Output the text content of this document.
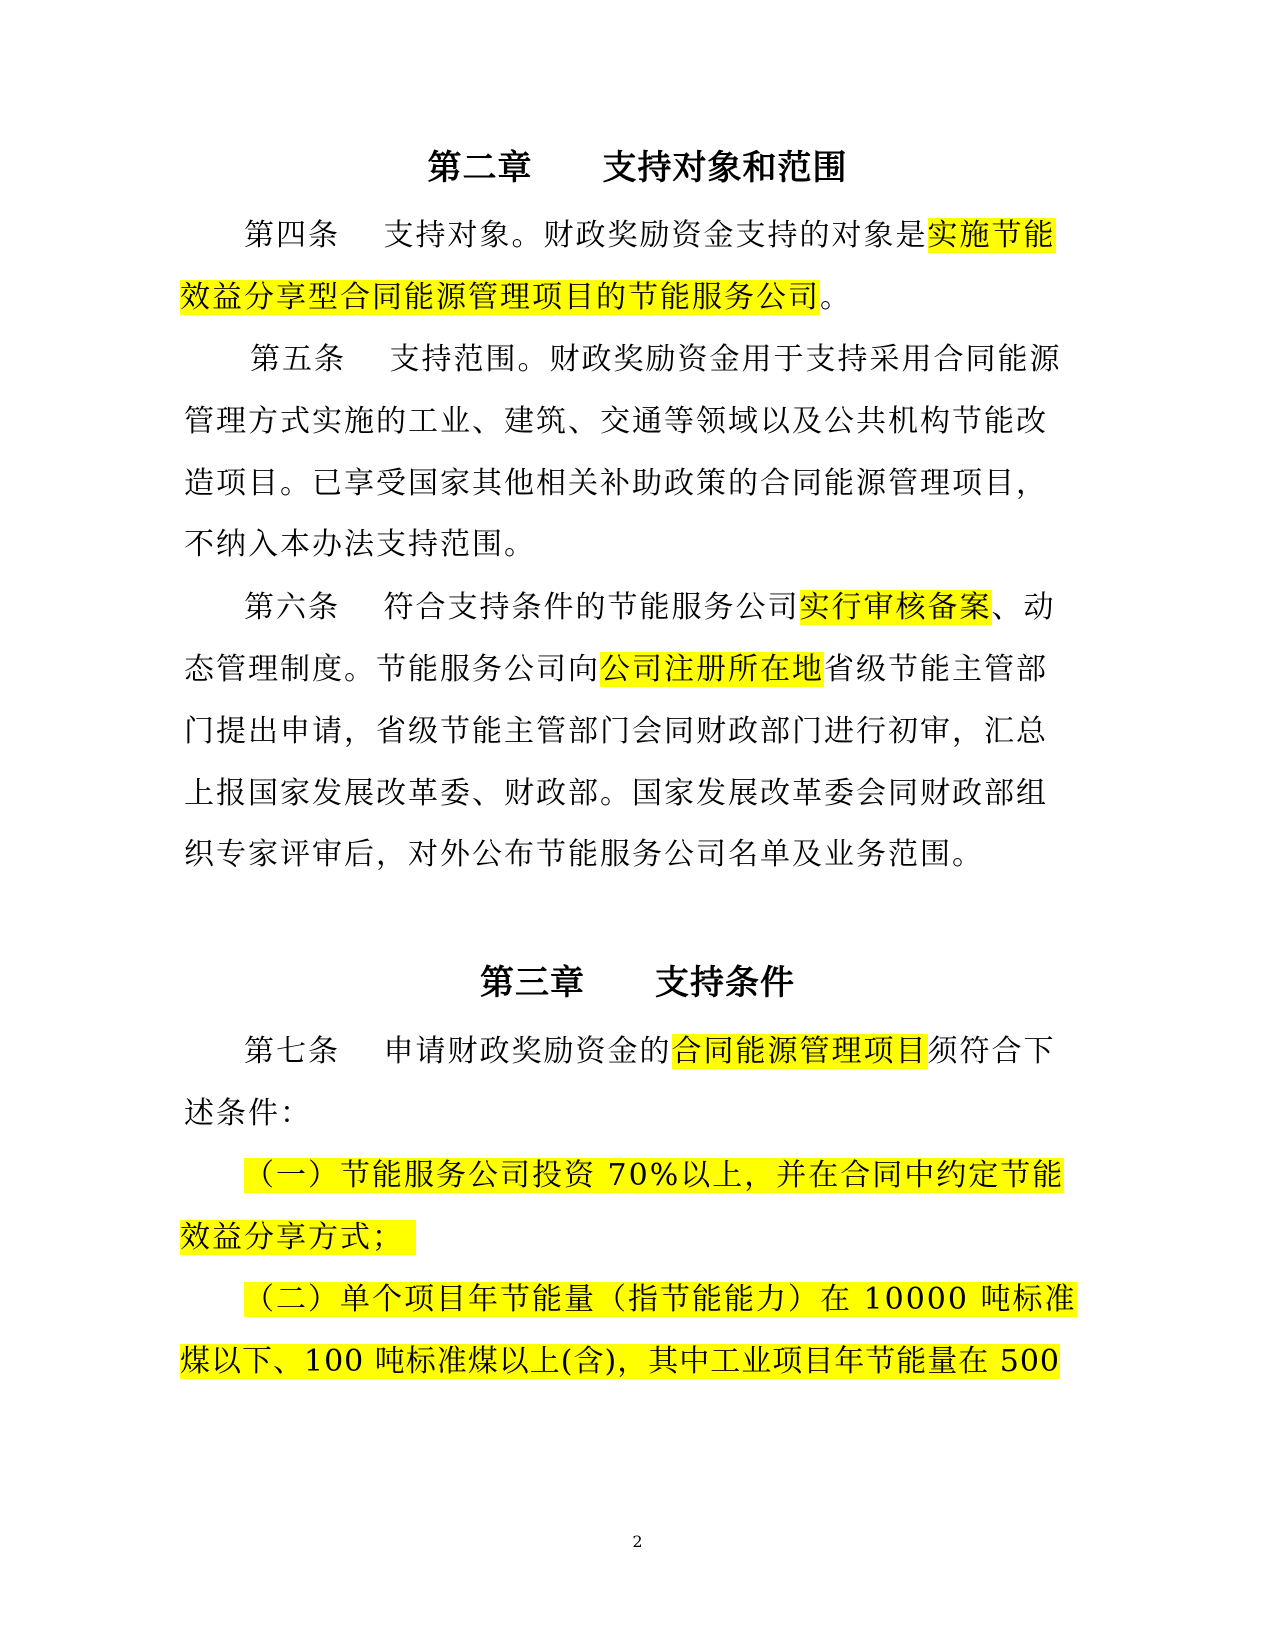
第二章　　支持对象和范围
第四条　 支持对象。财政奖励资金支持的对象是实施节能
效益分享型合同能源管理项目的节能服务公司。
第五条　 支持范围。财政奖励资金用于支持采用合同能源
管理方式实施的工业、建筑、交通等领域以及公共机构节能改
造项目。已享受国家其他相关补助政策的合同能源管理项目，
不纳入本办法支持范围。
第六条　 符合支持条件的节能服务公司实行审核备案、动
态管理制度。节能服务公司向公司注册所在地省级节能主管部
门提出申请，省级节能主管部门会同财政部门进行初审，汇总
上报国家发展改革委、财政部。国家发展改革委会同财政部组
织专家评审后，对外公布节能服务公司名单及业务范围。
第三章　　支持条件
第七条　 申请财政奖励资金的合同能源管理项目须符合下
述条件：
（一）节能服务公司投资 70%以上，并在合同中约定节能
效益分享方式；
（二）单个项目年节能量（指节能能力）在 10000 吨标准
煤以下、100 吨标准煤以上(含)，其中工业项目年节能量在 500
2
